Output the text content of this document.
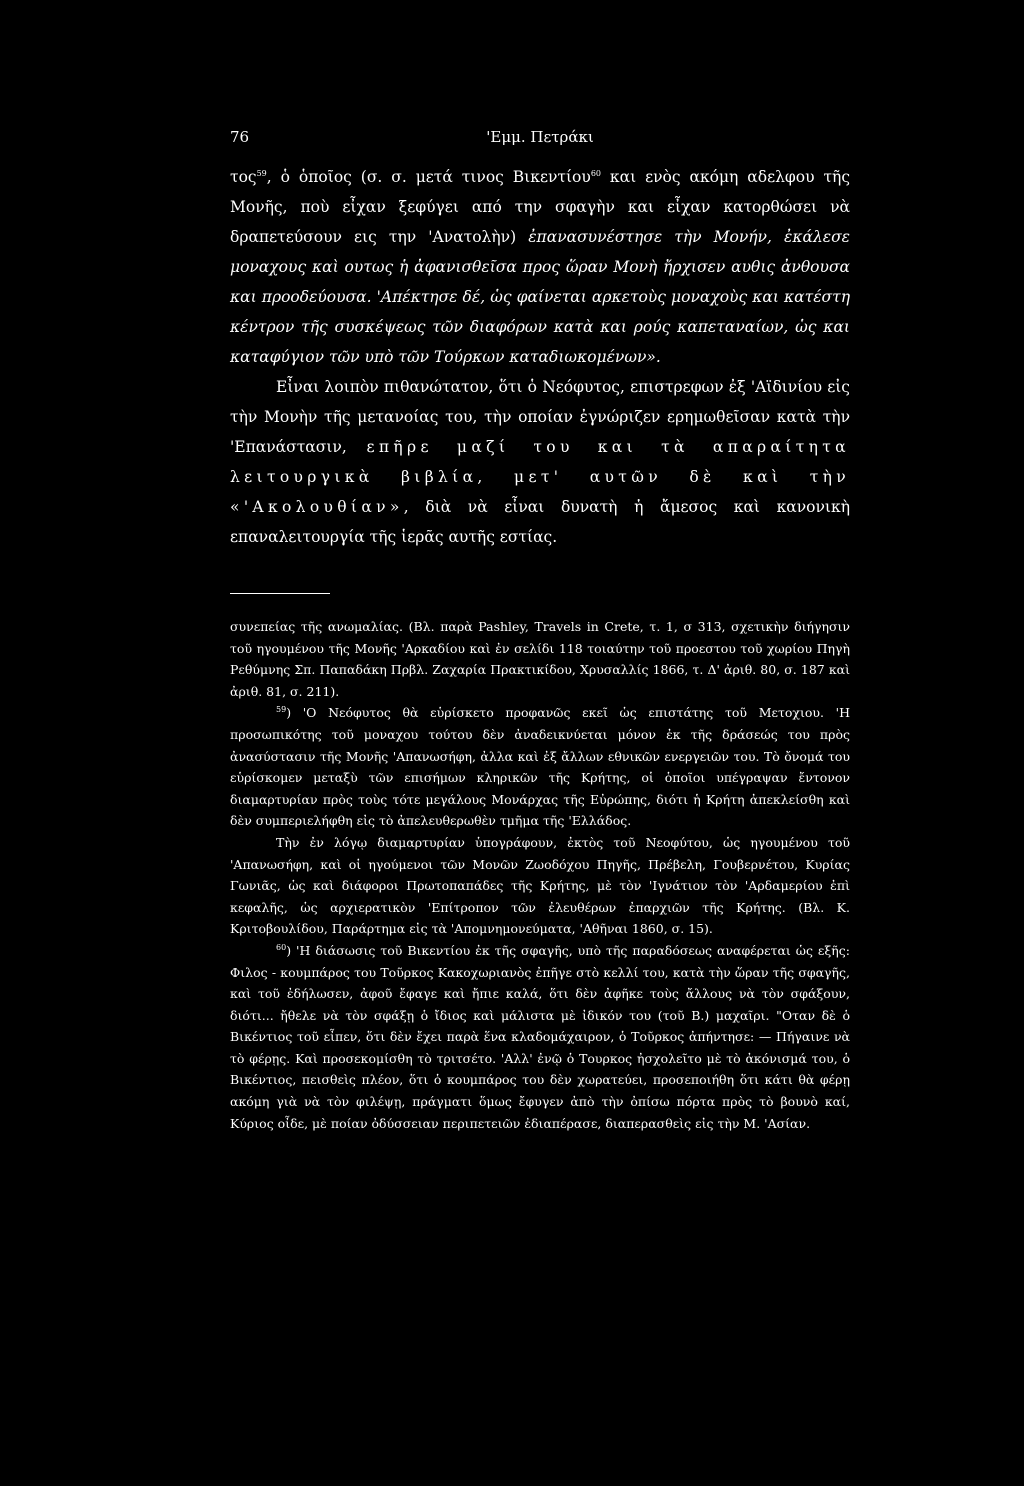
76	'Εμμ. Πετράκι

τος$^{59}$, ὁ ὁποῖος (σ. σ. μετά τινος Βικεντίου$^{60}$ και ενὸς ακόμη αδελφου τῆς Μονῆς, ποὺ εἶχαν ξεφύγει από την σφαγὴν και εἶχαν κατορθώσει νὰ δραπετεύσουν εις την 'Ανατολὴν) ἐπανασυνέστησε τὴν Μονήν, ἐκάλεσε μοναχους καὶ ουτως ἡ ἀφανισθεῖσα προς ὥραν Μονὴ ἤρχισεν αυθις ἀνθουσα και προοδεύουσα. 'Απέκτησε δέ, ὡς φαίνεται αρκετοὺς μοναχοὺς και κατέστη κέντρον τῆς συσκέψεως τῶν διαφόρων κατὰ και ρούς καπεταναίων, ὡς και καταφύγιον τῶν υπὸ τῶν Τούρκων καταδιωκομένων».

Εἶναι λοιπὸν πιθανώτατον, ὅτι ὁ Νεόφυτος, επιστρεφων ἐξ 'Αϊδινίου εἰς τὴν Μονὴν τῆς μετανοίας του, τὴν οποίαν ἐγνώριζεν ερημωθεῖσαν κατὰ τὴν 'Επανάστασιν, επῆρε μαζί του και τὰ απαραίτητα λειτουργικὰ βιβλία, μετ' αυτῶν δὲ καὶ τὴν «'Ακολουθίαν», διὰ νὰ εἶναι δυνατὴ ἡ ἄμεσος καὶ κανονικὴ επαναλειτουργία τῆς ἱερᾶς αυτῆς εστίας.

συνεπείας τῆς ανωμαλίας. (Βλ. παρὰ Pashley, Travels in Crete, τ. 1, σ 313, σχετικὴν διήγησιν τοῦ ηγουμένου τῆς Μονῆς 'Αρκαδίου καὶ ἐν σελίδι 118 τοιαύτην τοῦ προεστου τοῦ χωρίου Πηγὴ Ρεθύμνης Σπ. Παπαδάκη Πρβλ. Ζαχαρία Πρακτικίδου, Χρυσαλλίς 1866, τ. Δ' ἀριθ. 80, σ. 187 καὶ ἀριθ. 81, σ. 211).

$^{59}$) 'Ο Νεόφυτος θὰ εὑρίσκετο προφανῶς εκεῖ ὡς επιστάτης τοῦ Μετοχιου. 'Η προσωπικότης τοῦ μοναχου τούτου δὲν ἀναδεικνύεται μόνον ἐκ τῆς δράσεώς του πρὸς ἀνασύστασιν τῆς Μονῆς 'Απανωσήφη, ἀλλα καὶ ἐξ ἄλλων εθνικῶν ενεργειῶν του. Τὸ ὄνομά του εὑρίσκομεν μεταξὺ τῶν επισήμων κληρικῶν τῆς Κρήτης, οἱ ὁποῖοι υπέγραψαν ἔντονον διαμαρτυρίαν πρὸς τοὺς τότε μεγάλους Μονάρχας τῆς Εὐρώπης, διότι ἡ Κρήτη ἀπεκλείσθη καὶ δὲν συμπεριελήφθη εἰς τὸ ἀπελευθερωθὲν τμῆμα τῆς 'Ελλάδος.

Τὴν ἐν λόγῳ διαμαρτυρίαν ὑπογράφουν, ἐκτὸς τοῦ Νεοφύτου, ὡς ηγουμένου τοῦ 'Απανωσήφη, καὶ οἱ ηγούμενοι τῶν Μονῶν Ζωοδόχου Πηγῆς, Πρέβελη, Γουβερνέτου, Κυρίας Γωνιᾶς, ὡς καὶ διάφοροι Πρωτοπαπάδες τῆς Κρήτης, μὲ τὸν 'Ιγνάτιον τὸν 'Αρδαμερίου ἐπὶ κεφαλῆς, ὡς αρχιερατικὸν 'Επίτροπον τῶν ἐλευθέρων ἐπαρχιῶν τῆς Κρήτης. (Βλ. Κ. Κριτοβουλίδου, Παράρτημα εἰς τὰ 'Απομνημονεύματα, 'Αθῆναι 1860, σ. 15).

$^{60}$) 'Η διάσωσις τοῦ Βικεντίου ἐκ τῆς σφαγῆς, υπὸ τῆς παραδόσεως αναφέρεται ὡς εξῆς: Φιλος - κουμπάρος του Τοῦρκος Κακοχωριανὸς ἐπῆγε στὸ κελλί του, κατὰ τὴν ὥραν τῆς σφαγῆς, καὶ τοῦ ἐδήλωσεν, ἀφοῦ ἔφαγε καὶ ἤπιε καλά, ὅτι δὲν ἀφῆκε τοὺς ἄλλους νὰ τὸν σφάξουν, διότι... ἤθελε νὰ τὸν σφάξῃ ὁ ἴδιος καὶ μάλιστα μὲ ἰδικόν του (τοῦ Β.) μαχαῖρι. "Οταν δὲ ὁ Βικέντιος τοῦ εἶπεν, ὅτι δὲν ἔχει παρὰ ἕνα κλαδομάχαιρον, ὁ Τοῦρκος ἀπήντησε: — Πήγαινε νὰ τὸ φέρῃς. Καὶ προσεκομίσθη τὸ τριτσέτο. 'Αλλ' ἐνῷ ὁ Τουρκος ἠσχολεῖτο μὲ τὸ ἀκόνισμά του, ὁ Βικέντιος, πεισθεὶς πλέον, ὅτι ὁ κουμπάρος του δὲν χωρατεύει, προσεποιήθη ὅτι κάτι θὰ φέρῃ ακόμη γιὰ νὰ τὸν φιλέψῃ, πράγματι ὅμως ἔφυγεν ἀπὸ τὴν ὀπίσω πόρτα πρὸς τὸ βουνὸ καί, Κύριος οἶδε, μὲ ποίαν ὀδύσσειαν περιπετειῶν ἐδιαπέρασε, διαπερασθεὶς εἰς τὴν Μ. 'Ασίαν.
